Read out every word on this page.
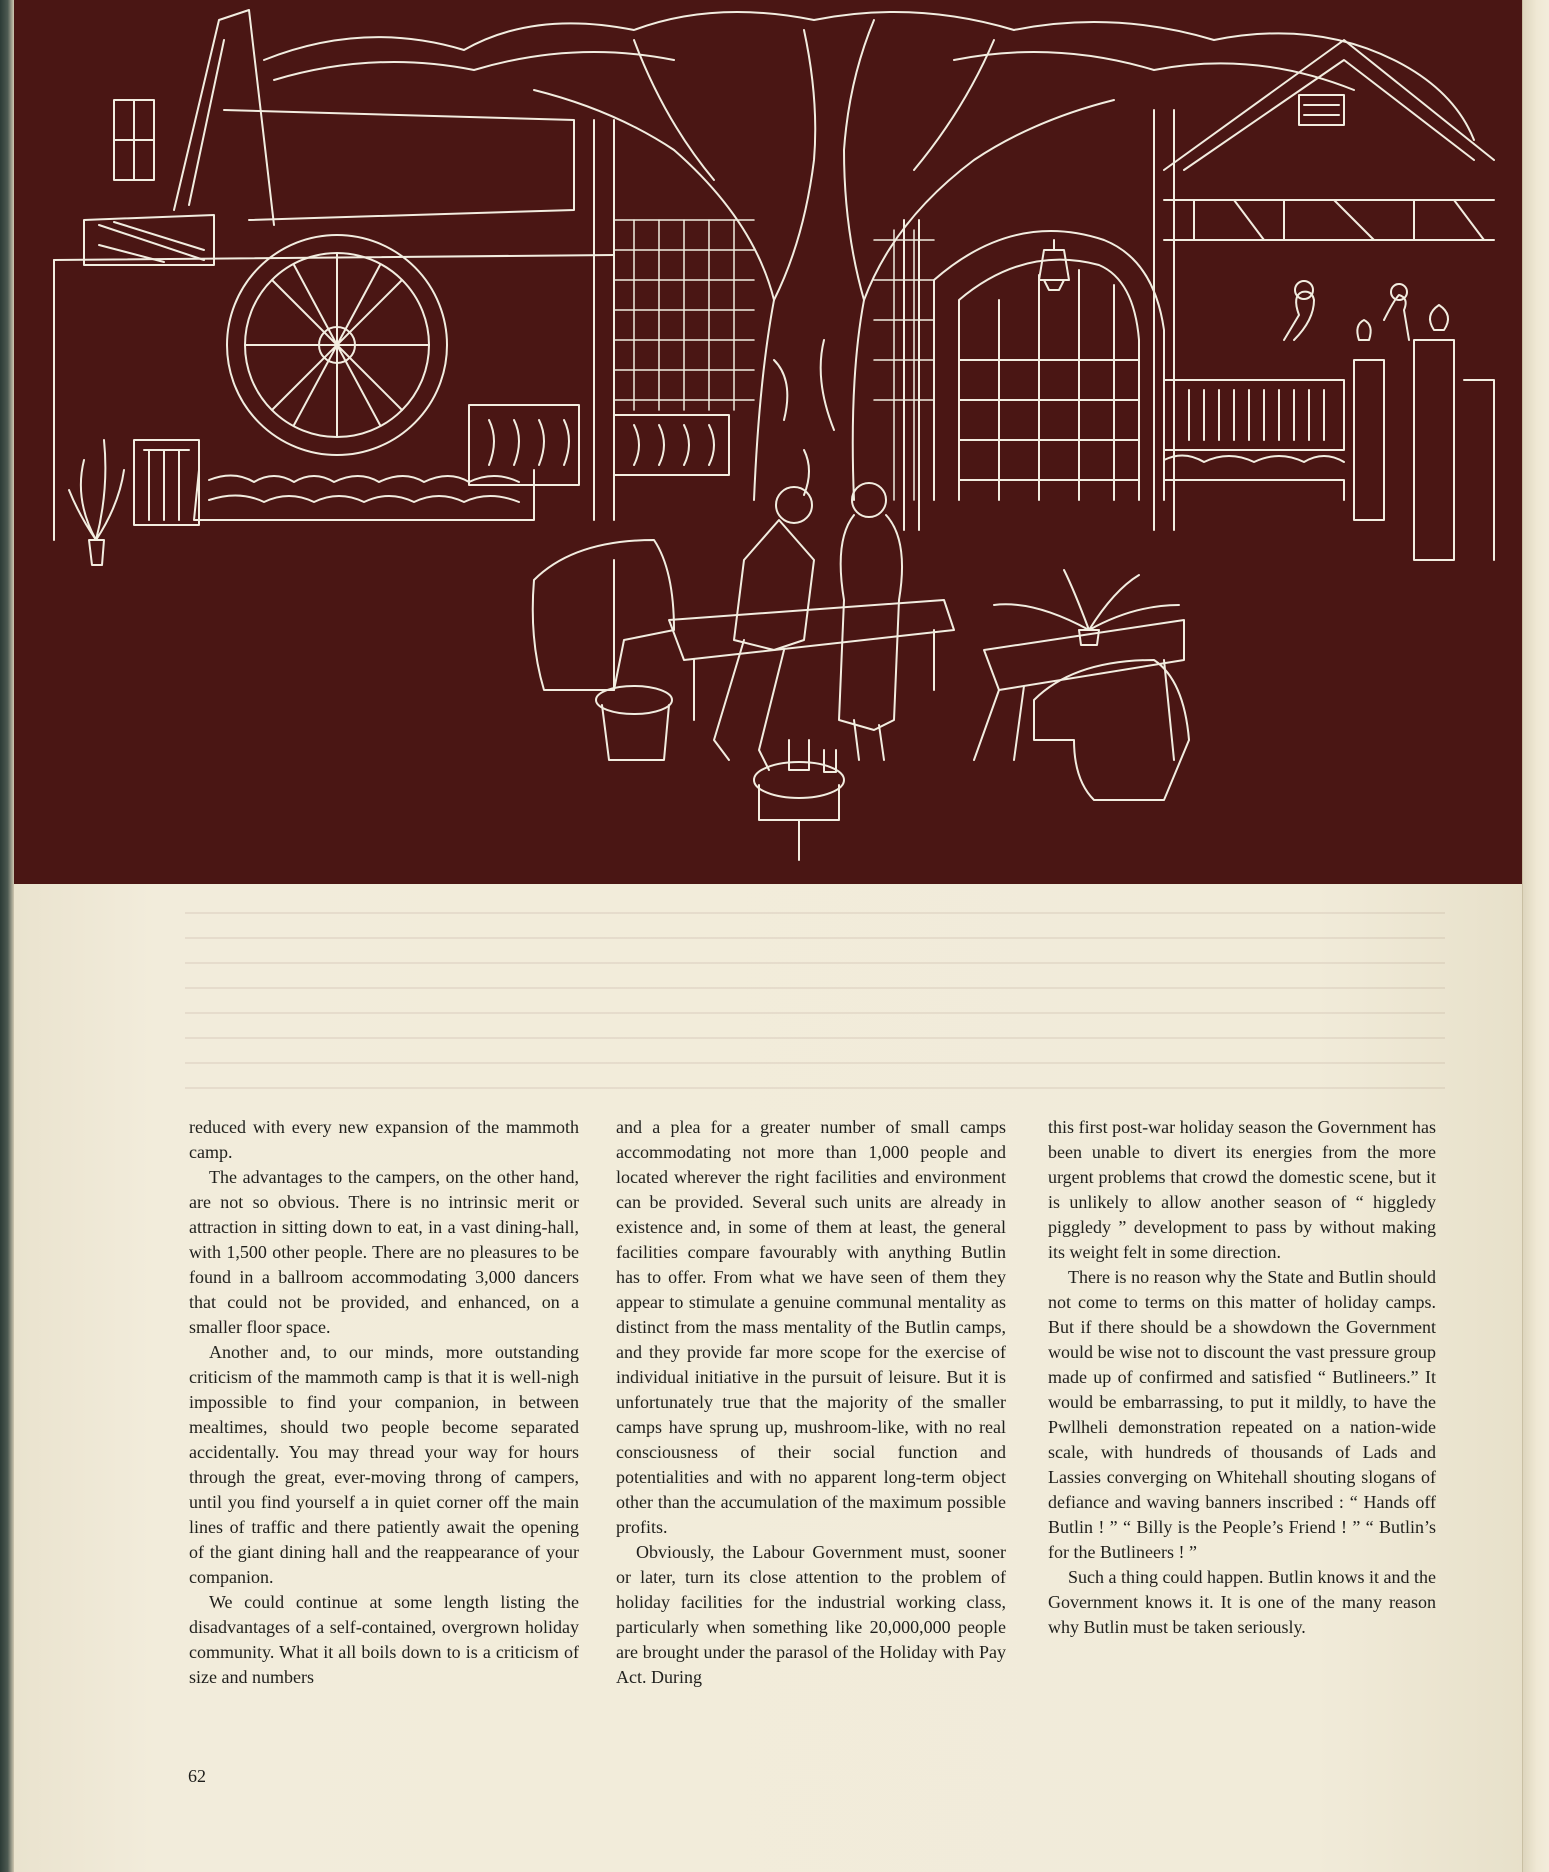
reduced with every new expansion of the mammoth camp.

The advantages to the campers, on the other hand, are not so obvious. There is no intrinsic merit or attraction in sitting down to eat, in a vast dining-hall, with 1,500 other people. There are no pleasures to be found in a ballroom accommodating 3,000 dancers that could not be provided, and enhanced, on a smaller floor space.

Another and, to our minds, more outstanding criticism of the mammoth camp is that it is well-nigh impossible to find your companion, in between mealtimes, should two people become separated accidentally. You may thread your way for hours through the great, ever-moving throng of campers, until you find yourself a in quiet corner off the main lines of traffic and there patiently await the opening of the giant dining hall and the reappearance of your companion.

We could continue at some length listing the disadvantages of a self-contained, overgrown holiday community. What it all boils down to is a criticism of size and numbers

and a plea for a greater number of small camps accommodating not more than 1,000 people and located wherever the right facilities and environment can be provided. Several such units are already in existence and, in some of them at least, the general facilities compare favourably with anything Butlin has to offer. From what we have seen of them they appear to stimulate a genuine communal mentality as distinct from the mass mentality of the Butlin camps, and they provide far more scope for the exercise of individual initiative in the pursuit of leisure. But it is unfortunately true that the majority of the smaller camps have sprung up, mushroom-like, with no real consciousness of their social function and potentialities and with no apparent long-term object other than the accumulation of the maximum possible profits.

Obviously, the Labour Government must, sooner or later, turn its close attention to the problem of holiday facilities for the industrial working class, particularly when something like 20,000,000 people are brought under the parasol of the Holiday with Pay Act. During

this first post-war holiday season the Government has been unable to divert its energies from the more urgent problems that crowd the domestic scene, but it is unlikely to allow another season of “ higgledy piggledy ” development to pass by without making its weight felt in some direction.

There is no reason why the State and Butlin should not come to terms on this matter of holiday camps. But if there should be a showdown the Government would be wise not to discount the vast pressure group made up of confirmed and satisfied “ Butlineers.” It would be embarrassing, to put it mildly, to have the Pwllheli demonstration repeated on a nation-wide scale, with hundreds of thousands of Lads and Lassies converging on Whitehall shouting slogans of defiance and waving banners inscribed : “ Hands off Butlin ! ” “ Billy is the People’s Friend ! ” “ Butlin’s for the Butlineers ! ”

Such a thing could happen. Butlin knows it and the Government knows it. It is one of the many reason why Butlin must be taken seriously.

62
